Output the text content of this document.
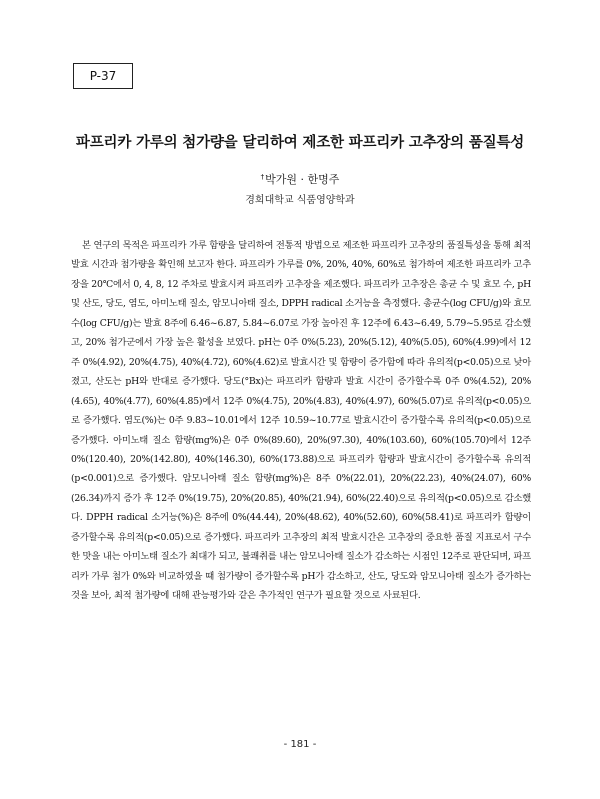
P-37
파프리카 가루의 첨가량을 달리하여 제조한 파프리카 고추장의 품질특성
†박가원 · 한명주
경희대학교 식품영양학과

본 연구의 목적은 파프리카 가루 함량을 달리하여 전통적 방법으로 제조한 파프리카 고추장의 품질특성을 통해 최적 발효 시간과 첨가량을 확인해 보고자 한다. 파프리카 가루를 0%, 20%, 40%, 60%로 첨가하여 제조한 파프리카 고추장을 20℃에서 0, 4, 8, 12 주차로 발효시켜 파프리카 고추장을 제조했다. 파프리카 고추장은 총균 수 및 효모 수, pH 및 산도, 당도, 염도, 아미노태 질소, 암모니아태 질소, DPPH radical 소거능을 측정했다. 총균수(log CFU/g)와 효모수(log CFU/g)는 발효 8주에 6.46~6.87, 5.84~6.07로 가장 높아진 후 12주에 6.43~6.49, 5.79~5.95로 감소했고, 20% 첨가군에서 가장 높은 활성을 보였다. pH는 0주 0%(5.23), 20%(5.12), 40%(5.05), 60%(4.99)에서 12주 0%(4.92), 20%(4.75), 40%(4.72), 60%(4.62)로 발효시간 및 함량이 증가함에 따라 유의적(p<0.05)으로 낮아졌고, 산도는 pH와 반대로 증가했다. 당도(°Bx)는 파프리카 함량과 발효 시간이 증가할수록 0주 0%(4.52), 20%(4.65), 40%(4.77), 60%(4.85)에서 12주 0%(4.75), 20%(4.83), 40%(4.97), 60%(5.07)로 유의적(p<0.05)으로 증가했다. 염도(%)는 0주 9.83~10.01에서 12주 10.59~10.77로 발효시간이 증가할수록 유의적(p<0.05)으로 증가했다. 아미노태 질소 함량(mg%)은 0주 0%(89.60), 20%(97.30), 40%(103.60), 60%(105.70)에서 12주 0%(120.40), 20%(142.80), 40%(146.30), 60%(173.88)으로 파프리카 함량과 발효시간이 증가할수록 유의적(p<0.001)으로 증가했다. 암모니아태 질소 함량(mg%)은 8주 0%(22.01), 20%(22.23), 40%(24.07), 60%(26.34)까지 증가 후 12주 0%(19.75), 20%(20.85), 40%(21.94), 60%(22.40)으로 유의적(p<0.05)으로 감소했다. DPPH radical 소거능(%)은 8주에 0%(44.44), 20%(48.62), 40%(52.60), 60%(58.41)로 파프리카 함량이 증가할수록 유의적(p<0.05)으로 증가했다. 파프리카 고추장의 최적 발효시간은 고추장의 중요한 품질 지표로서 구수한 맛을 내는 아미노태 질소가 최대가 되고, 불쾌취를 내는 암모니아태 질소가 감소하는 시점인 12주로 판단되며, 파프리카 가루 첨가 0%와 비교하였을 때 첨가량이 증가할수록 pH가 감소하고, 산도, 당도와 암모니아태 질소가 증가하는 것을 보아, 최적 첨가량에 대해 관능평가와 같은 추가적인 연구가 필요할 것으로 사료된다.

- 181 -
